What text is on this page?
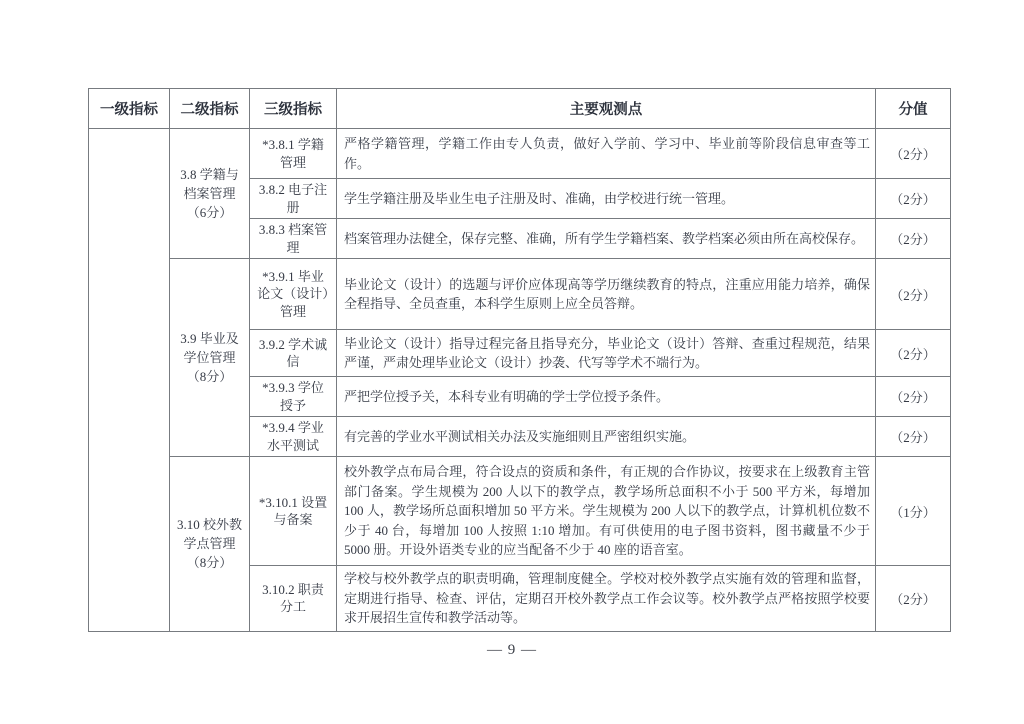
一级指标	二级指标	三级指标	主要观测点	分值
	3.8 学籍与档案管理（6分）	*3.8.1 学籍管理	严格学籍管理，学籍工作由专人负责，做好入学前、学习中、毕业前等阶段信息审查等工作。	（2分）
		3.8.2 电子注册	学生学籍注册及毕业生电子注册及时、准确，由学校进行统一管理。	（2分）
		3.8.3 档案管理	档案管理办法健全，保存完整、准确，所有学生学籍档案、教学档案必须由所在高校保存。	（2分）
	3.9 毕业及学位管理（8分）	*3.9.1 毕业论文（设计）管理	毕业论文（设计）的选题与评价应体现高等学历继续教育的特点，注重应用能力培养，确保全程指导、全员查重，本科学生原则上应全员答辩。	（2分）
		3.9.2 学术诚信	毕业论文（设计）指导过程完备且指导充分，毕业论文（设计）答辩、查重过程规范，结果严谨，严肃处理毕业论文（设计）抄袭、代写等学术不端行为。	（2分）
		*3.9.3 学位授予	严把学位授予关，本科专业有明确的学士学位授予条件。	（2分）
		*3.9.4 学业水平测试	有完善的学业水平测试相关办法及实施细则且严密组织实施。	（2分）
	3.10 校外教学点管理（8分）	*3.10.1 设置与备案	校外教学点布局合理，符合设点的资质和条件，有正规的合作协议，按要求在上级教育主管部门备案。学生规模为 200 人以下的教学点，教学场所总面积不小于 500 平方米，每增加 100 人，教学场所总面积增加 50 平方米。学生规模为 200 人以下的教学点，计算机机位数不少于 40 台，每增加 100 人按照 1:10 增加。有可供使用的电子图书资料，图书藏量不少于 5000 册。开设外语类专业的应当配备不少于 40 座的语音室。	（1分）
		3.10.2 职责分工	学校与校外教学点的职责明确，管理制度健全。学校对校外教学点实施有效的管理和监督，定期进行指导、检查、评估，定期召开校外教学点工作会议等。校外教学点严格按照学校要求开展招生宣传和教学活动等。	（2分）
— 9 —
